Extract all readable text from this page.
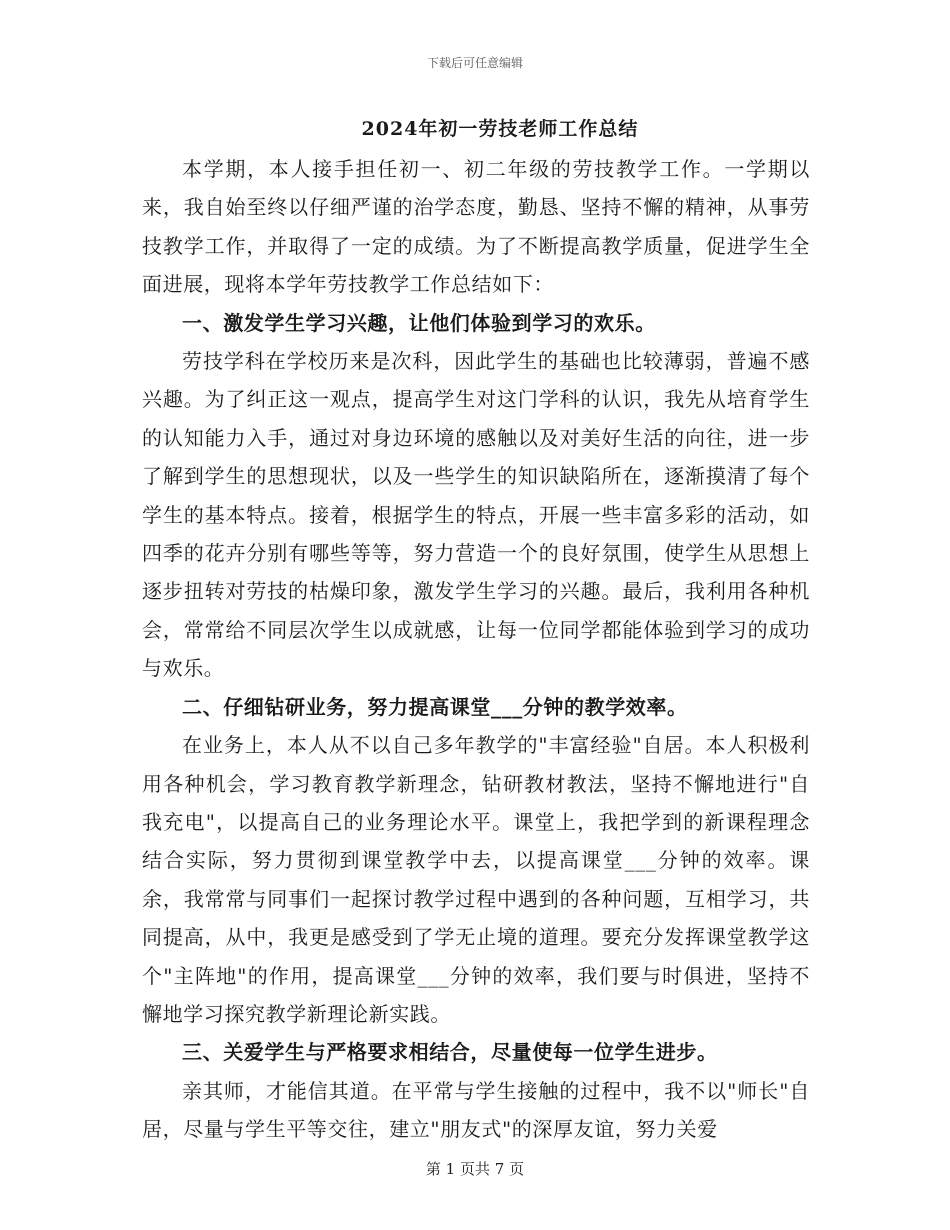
下载后可任意编辑
2024年初一劳技老师工作总结

本学期，本人接手担任初一、初二年级的劳技教学工作。一学期以来，我自始至终以仔细严谨的治学态度，勤恳、坚持不懈的精神，从事劳技教学工作，并取得了一定的成绩。为了不断提高教学质量，促进学生全面进展，现将本学年劳技教学工作总结如下：

一、激发学生学习兴趣，让他们体验到学习的欢乐。

劳技学科在学校历来是次科，因此学生的基础也比较薄弱，普遍不感兴趣。为了纠正这一观点，提高学生对这门学科的认识，我先从培育学生的认知能力入手，通过对身边环境的感触以及对美好生活的向往，进一步了解到学生的思想现状，以及一些学生的知识缺陷所在，逐渐摸清了每个学生的基本特点。接着，根据学生的特点，开展一些丰富多彩的活动，如四季的花卉分别有哪些等等，努力营造一个的良好氛围，使学生从思想上逐步扭转对劳技的枯燥印象，激发学生学习的兴趣。最后，我利用各种机会，常常给不同层次学生以成就感，让每一位同学都能体验到学习的成功与欢乐。

二、仔细钻研业务，努力提高课堂___分钟的教学效率。

在业务上，本人从不以自己多年教学的"丰富经验"自居。本人积极利用各种机会，学习教育教学新理念，钻研教材教法，坚持不懈地进行"自我充电"，以提高自己的业务理论水平。课堂上，我把学到的新课程理念结合实际，努力贯彻到课堂教学中去，以提高课堂___分钟的效率。课余，我常常与同事们一起探讨教学过程中遇到的各种问题，互相学习，共同提高，从中，我更是感受到了学无止境的道理。要充分发挥课堂教学这个"主阵地"的作用，提高课堂___分钟的效率，我们要与时俱进，坚持不懈地学习探究教学新理论新实践。

三、关爱学生与严格要求相结合，尽量使每一位学生进步。

亲其师，才能信其道。在平常与学生接触的过程中，我不以"师长"自居，尽量与学生平等交往，建立"朋友式"的深厚友谊，努力关爱

第 1 页共 7 页
